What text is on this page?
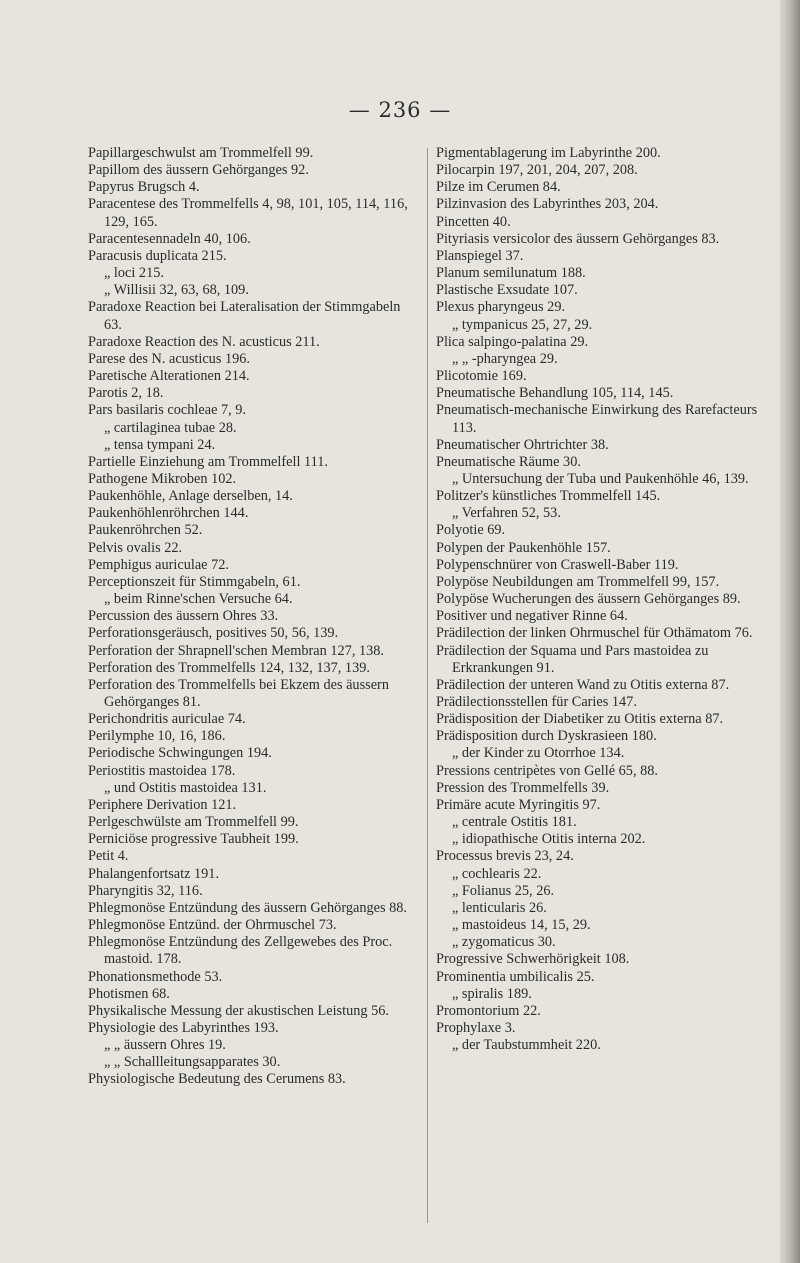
— 236 —
Papillargeschwulst am Trommelfell 99.
Papillom des äussern Gehörganges 92.
Papyrus Brugsch 4.
Paracentese des Trommelfells 4, 98, 101, 105, 114, 116, 129, 165.
Paracentesennadeln 40, 106.
Paracusis duplicata 215.
„ loci 215.
„ Willisii 32, 63, 68, 109.
Paradoxe Reaction bei Lateralisation der Stimmgabeln 63.
Paradoxe Reaction des N. acusticus 211.
Parese des N. acusticus 196.
Paretische Alterationen 214.
Parotis 2, 18.
Pars basilaris cochleae 7, 9.
„ cartilaginea tubae 28.
„ tensa tympani 24.
Partielle Einziehung am Trommelfell 111.
Pathogene Mikroben 102.
Paukenhöhle, Anlage derselben, 14.
Paukenhöhlenröhrchen 144.
Paukenröhrchen 52.
Pelvis ovalis 22.
Pemphigus auriculae 72.
Perceptionszeit für Stimmgabeln, 61.
„ beim Rinne'schen Versuche 64.
Percussion des äussern Ohres 33.
Perforationsgeräusch, positives 50, 56, 139.
Perforation der Shrapnell'schen Membran 127, 138.
Perforation des Trommelfells 124, 132, 137, 139.
Perforation des Trommelfells bei Ekzem des äussern Gehörganges 81.
Perichondritis auriculae 74.
Perilymphe 10, 16, 186.
Periodische Schwingungen 194.
Periostitis mastoidea 178.
„ und Ostitis mastoidea 131.
Periphere Derivation 121.
Perlgeschwülste am Trommelfell 99.
Perniciöse progressive Taubheit 199.
Petit 4.
Phalangenfortsatz 191.
Pharyngitis 32, 116.
Phlegmonöse Entzündung des äussern Gehörganges 88.
Phlegmonöse Entzünd. der Ohrmuschel 73.
Phlegmonöse Entzündung des Zellgewebes des Proc. mastoid. 178.
Phonationsmethode 53.
Photismen 68.
Physikalische Messung der akustischen Leistung 56.
Physiologie des Labyrinthes 193.
„ „ äussern Ohres 19.
„ „ Schallleitungsapparates 30.
Physiologische Bedeutung des Cerumens 83.
Pigmentablagerung im Labyrinthe 200.
Pilocarpin 197, 201, 204, 207, 208.
Pilze im Cerumen 84.
Pilzinvasion des Labyrinthes 203, 204.
Pincetten 40.
Pityriasis versicolor des äussern Gehörganges 83.
Planspiegel 37.
Planum semilunatum 188.
Plastische Exsudate 107.
Plexus pharyngeus 29.
„ tympanicus 25, 27, 29.
Plica salpingo-palatina 29.
„ „ -pharyngea 29.
Plicotomie 169.
Pneumatische Behandlung 105, 114, 145.
Pneumatisch-mechanische Einwirkung des Rarefacteurs 113.
Pneumatischer Ohrtrichter 38.
Pneumatische Räume 30.
„ Untersuchung der Tuba und Paukenhöhle 46, 139.
Politzer's künstliches Trommelfell 145.
„ Verfahren 52, 53.
Polyotie 69.
Polypen der Paukenhöhle 157.
Polypenschnürer von Craswell-Baber 119.
Polypöse Neubildungen am Trommelfell 99, 157.
Polypöse Wucherungen des äussern Gehörganges 89.
Positiver und negativer Rinne 64.
Prädilection der linken Ohrmuschel für Othämatom 76.
Prädilection der Squama und Pars mastoidea zu Erkrankungen 91.
Prädilection der unteren Wand zu Otitis externa 87.
Prädilectionsstellen für Caries 147.
Prädisposition der Diabetiker zu Otitis externa 87.
Prädisposition durch Dyskrasieen 180.
„ der Kinder zu Otorrhoe 134.
Pressions centripètes von Gellé 65, 88.
Pression des Trommelfells 39.
Primäre acute Myringitis 97.
„ centrale Ostitis 181.
„ idiopathische Otitis interna 202.
Processus brevis 23, 24.
„ cochlearis 22.
„ Folianus 25, 26.
„ lenticularis 26.
„ mastoideus 14, 15, 29.
„ zygomaticus 30.
Progressive Schwerhörigkeit 108.
Prominentia umbilicalis 25.
„ spiralis 189.
Promontorium 22.
Prophylaxe 3.
„ der Taubstummheit 220.
